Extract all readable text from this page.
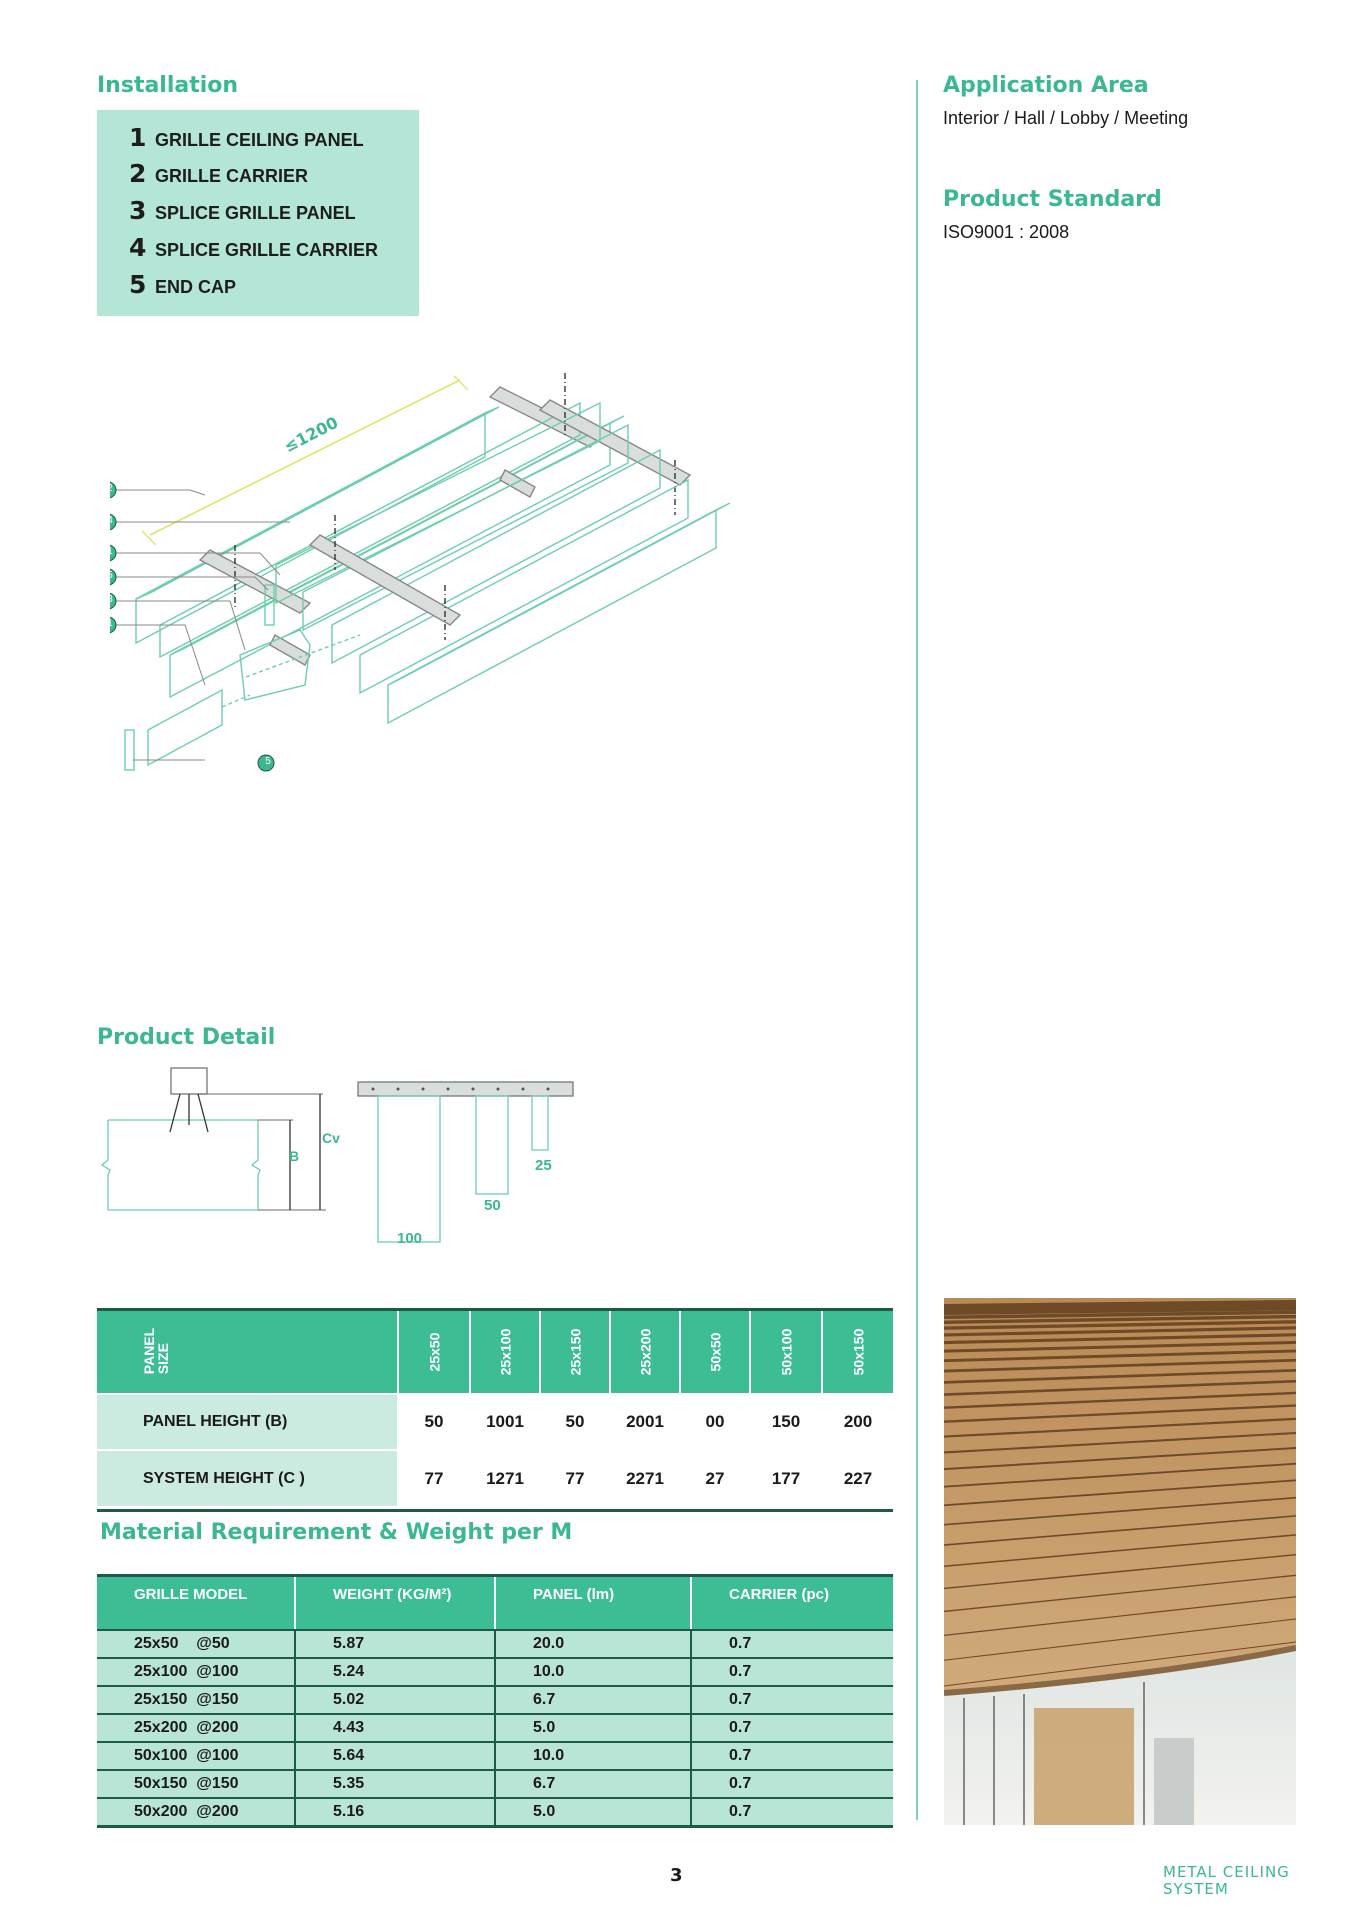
Installation
1 GRILLE CEILING PANEL
2 GRILLE CARRIER
3 SPLICE GRILLE PANEL
4 SPLICE GRILLE CARRIER
5 END CAP
≤1200
2
4
1
5
3
1
5
Application Area
Interior / Hall / Lobby / Meeting
Product Standard
ISO9001 : 2008
Product Detail
B
Cv
100
50
25
PANEL
SIZE	25x50	25x100	25x150	25x200	50x50	50x100	50x150
PANEL HEIGHT (B)	50	1001	50	2001	00	150	200
SYSTEM HEIGHT (C )	77	1271	77	2271	27	177	227
Material Requirement & Weight per M
GRILLE MODEL	WEIGHT (KG/M²)	PANEL (lm)	CARRIER (pc)
25x50    @50	5.87	20.0	0.7
25x100  @100	5.24	10.0	0.7
25x150  @150	5.02	6.7	0.7
25x200  @200	4.43	5.0	0.7
50x100  @100	5.64	10.0	0.7
50x150  @150	5.35	6.7	0.7
50x200  @200	5.16	5.0	0.7
3	METAL CEILING
SYSTEM
